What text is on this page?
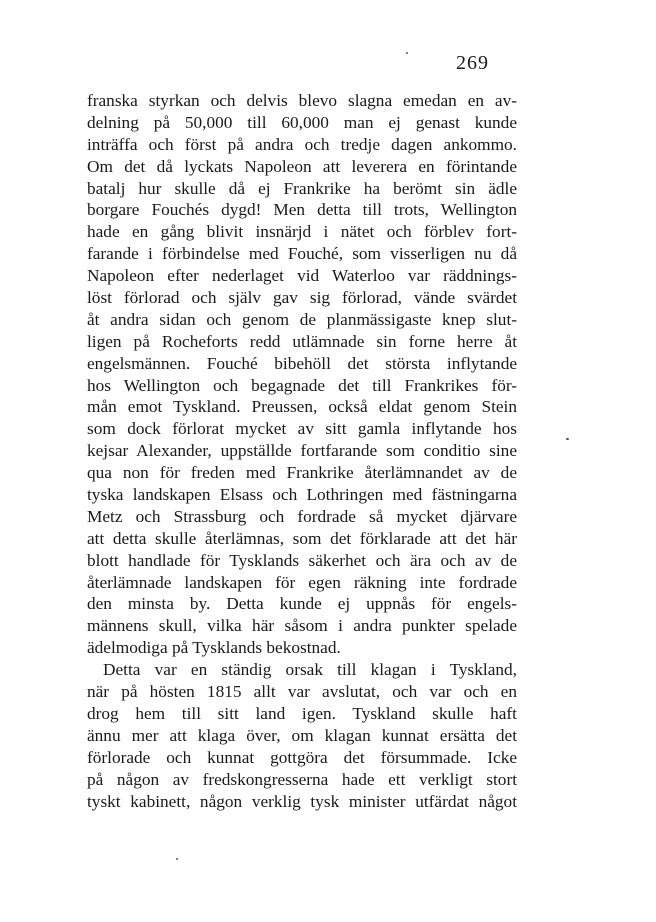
269
franska styrkan och delvis blevo slagna emedan en av-
delning på 50,000 till 60,000 man ej genast kunde
inträffa och först på andra och tredje dagen ankommo.
Om det då lyckats Napoleon att leverera en förintande
batalj hur skulle då ej Frankrike ha berömt sin ädle
borgare Fouchés dygd! Men detta till trots, Wellington
hade en gång blivit insnärjd i nätet och förblev fort-
farande i förbindelse med Fouché, som visserligen nu då
Napoleon efter nederlaget vid Waterloo var räddnings-
löst förlorad och själv gav sig förlorad, vände svärdet
åt andra sidan och genom de planmässigaste knep slut-
ligen på Rocheforts redd utlämnade sin forne herre åt
engelsmännen. Fouché bibehöll det största inflytande
hos Wellington och begagnade det till Frankrikes för-
mån emot Tyskland. Preussen, också eldat genom Stein
som dock förlorat mycket av sitt gamla inflytande hos
kejsar Alexander, uppställde fortfarande som conditio sine
qua non för freden med Frankrike återlämnandet av de
tyska landskapen Elsass och Lothringen med fästningarna
Metz och Strassburg och fordrade så mycket djärvare
att detta skulle återlämnas, som det förklarade att det här
blott handlade för Tysklands säkerhet och ära och av de
återlämnade landskapen för egen räkning inte fordrade
den minsta by. Detta kunde ej uppnås för engels-
männens skull, vilka här såsom i andra punkter spelade
ädelmodiga på Tysklands bekostnad.
Detta var en ständig orsak till klagan i Tyskland,
när på hösten 1815 allt var avslutat, och var och en
drog hem till sitt land igen. Tyskland skulle haft
ännu mer att klaga över, om klagan kunnat ersätta det
förlorade och kunnat gottgöra det försummade. Icke
på någon av fredskongresserna hade ett verkligt stort
tyskt kabinett, någon verklig tysk minister utfärdat något
